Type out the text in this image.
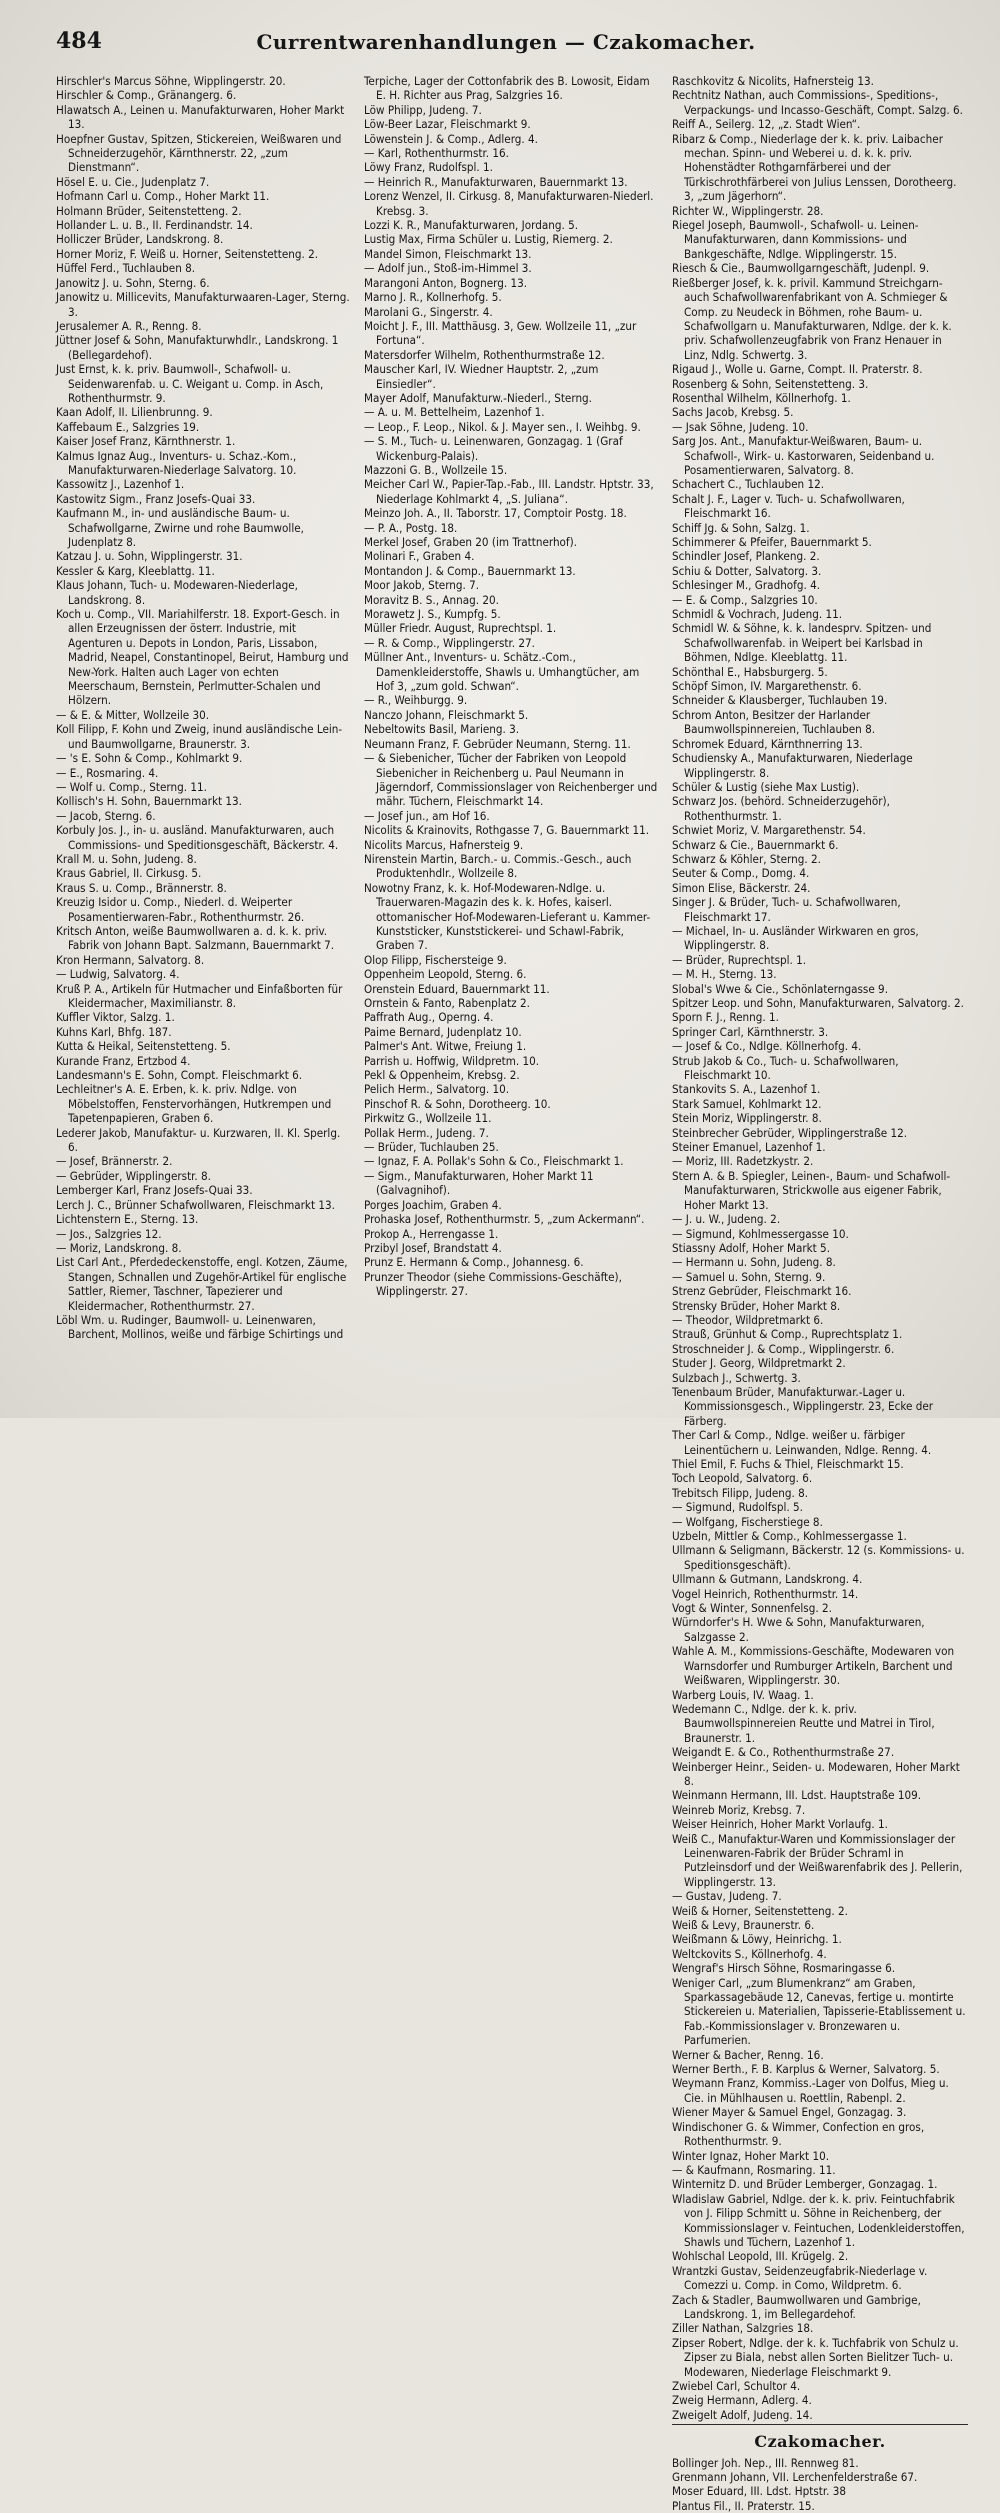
484	Currentwarenhandlungen — Czakomacher.

Hirschler's Marcus Söhne, Wipplingerstr. 20.

Hirschler & Comp., Gränangerg. 6.

Hlawatsch A., Leinen u. Manufakturwaren, Hoher Markt 13.

Hoepfner Gustav, Spitzen, Stickereien, Weißwaren und Schneiderzugehör, Kärnthnerstr. 22, „zum Dienstmann“.

Hösel E. u. Cie., Judenplatz 7.

Hofmann Carl u. Comp., Hoher Markt 11.

Holmann Brüder, Seitenstetteng. 2.

Hollander L. u. B., II. Ferdinandstr. 14.

Holliczer Brüder, Landskrong. 8.

Horner Moriz, F. Weiß u. Horner, Seitenstetteng. 2.

Hüffel Ferd., Tuchlauben 8.

Janowitz J. u. Sohn, Sterng. 6.

Janowitz u. Millicevits, Manufakturwaaren-Lager, Sterng. 3.

Jerusalemer A. R., Renng. 8.

Jüttner Josef & Sohn, Manufakturwhdlr., Landskrong. 1 (Bellegardehof).

Just Ernst, k. k. priv. Baumwoll-, Schafwoll- u. Seidenwarenfab. u. C. Weigant u. Comp. in Asch, Rothenthurmstr. 9.

Kaan Adolf, II. Lilienbrunng. 9.

Kaffebaum E., Salzgries 19.

Kaiser Josef Franz, Kärnthnerstr. 1.

Kalmus Ignaz Aug., Inventurs- u. Schaz.-Kom., Manufakturwaren-Niederlage Salvatorg. 10.

Kassowitz J., Lazenhof 1.

Kastowitz Sigm., Franz Josefs-Quai 33.

Kaufmann M., in- und ausländische Baum- u. Schafwollgarne, Zwirne und rohe Baumwolle, Judenplatz 8.

Katzau J. u. Sohn, Wipplingerstr. 31.

Kessler & Karg, Kleeblattg. 11.

Klaus Johann, Tuch- u. Modewaren-Niederlage, Landskrong. 8.

Koch u. Comp., VII. Mariahilferstr. 18. Export-Gesch. in allen Erzeugnissen der österr. Industrie, mit Agenturen u. Depots in London, Paris, Lissabon, Madrid, Neapel, Constantinopel, Beirut, Hamburg und New-York. Halten auch Lager von echten Meerschaum, Bernstein, Perlmutter-Schalen und Hölzern.

— & E. & Mitter, Wollzeile 30.

Koll Filipp, F. Kohn und Zweig, inund ausländische Lein- und Baumwollgarne, Braunerstr. 3.

— 's E. Sohn & Comp., Kohlmarkt 9.

— E., Rosmaring. 4.

— Wolf u. Comp., Sterng. 11.

Kollisch's H. Sohn, Bauernmarkt 13.

— Jacob, Sterng. 6.

Korbuly Jos. J., in- u. ausländ. Manufakturwaren, auch Commissions- und Speditionsgeschäft, Bäckerstr. 4.

Krall M. u. Sohn, Judeng. 8.

Kraus Gabriel, II. Cirkusg. 5.

Kraus S. u. Comp., Brännerstr. 8.

Kreuzig Isidor u. Comp., Niederl. d. Weiperter Posamentierwaren-Fabr., Rothenthurmstr. 26.

Kritsch Anton, weiße Baumwollwaren a. d. k. k. priv. Fabrik von Johann Bapt. Salzmann, Bauernmarkt 7.

Kron Hermann, Salvatorg. 8.

— Ludwig, Salvatorg. 4.

Kruß P. A., Artikeln für Hutmacher und Einfaßborten für Kleidermacher, Maximilianstr. 8.

Kuffler Viktor, Salzg. 1.

Kuhns Karl, Bhfg. 187.

Kutta & Heikal, Seitenstetteng. 5.

Kurande Franz, Ertzbod 4.

Landesmann's E. Sohn, Compt. Fleischmarkt 6.

Lechleitner's A. E. Erben, k. k. priv. Ndlge. von Möbelstoffen, Fenstervorhängen, Hutkrempen und Tapetenpapieren, Graben 6.

Lederer Jakob, Manufaktur- u. Kurzwaren, II. Kl. Sperlg. 6.

— Josef, Brännerstr. 2.

— Gebrüder, Wipplingerstr. 8.

Lemberger Karl, Franz Josefs-Quai 33.

Lerch J. C., Brünner Schafwollwaren, Fleischmarkt 13.

Lichtenstern E., Sterng. 13.

— Jos., Salzgries 12.

— Moriz, Landskrong. 8.

List Carl Ant., Pferdedeckenstoffe, engl. Kotzen, Zäume, Stangen, Schnallen und Zugehör-Artikel für englische Sattler, Riemer, Taschner, Tapezierer und Kleidermacher, Rothenthurmstr. 27.

Löbl Wm. u. Rudinger, Baumwoll- u. Leinenwaren, Barchent, Mollinos, weiße und färbige Schirtings und

Terpiche, Lager der Cottonfabrik des B. Lowosit, Eidam E. H. Richter aus Prag, Salzgries 16.

Löw Philipp, Judeng. 7.

Löw-Beer Lazar, Fleischmarkt 9.

Löwenstein J. & Comp., Adlerg. 4.

— Karl, Rothenthurmstr. 16.

Löwy Franz, Rudolfspl. 1.

— Heinrich R., Manufakturwaren, Bauernmarkt 13.

Lorenz Wenzel, II. Cirkusg. 8, Manufakturwaren-Niederl. Krebsg. 3.

Lozzi K. R., Manufakturwaren, Jordang. 5.

Lustig Max, Firma Schüler u. Lustig, Riemerg. 2.

Mandel Simon, Fleischmarkt 13.

— Adolf jun., Stoß-im-Himmel 3.

Marangoni Anton, Bognerg. 13.

Marno J. R., Kollnerhofg. 5.

Marolani G., Singerstr. 4.

Moicht J. F., III. Matthäusg. 3, Gew. Wollzeile 11, „zur Fortuna“.

Matersdorfer Wilhelm, Rothenthurmstraße 12.

Mauscher Karl, IV. Wiedner Hauptstr. 2, „zum Einsiedler“.

Mayer Adolf, Manufakturw.-Niederl., Sterng.

— A. u. M. Bettelheim, Lazenhof 1.

— Leop., F. Leop., Nikol. & J. Mayer sen., I. Weihbg. 9.

— S. M., Tuch- u. Leinenwaren, Gonzagag. 1 (Graf Wickenburg-Palais).

Mazzoni G. B., Wollzeile 15.

Meicher Carl W., Papier-Tap.-Fab., III. Landstr. Hptstr. 33, Niederlage Kohlmarkt 4, „S. Juliana“.

Meinzo Joh. A., II. Taborstr. 17, Comptoir Postg. 18.

— P. A., Postg. 18.

Merkel Josef, Graben 20 (im Trattnerhof).

Molinari F., Graben 4.

Montandon J. & Comp., Bauernmarkt 13.

Moor Jakob, Sterng. 7.

Moravitz B. S., Annag. 20.

Morawetz J. S., Kumpfg. 5.

Müller Friedr. August, Ruprechtspl. 1.

— R. & Comp., Wipplingerstr. 27.

Müllner Ant., Inventurs- u. Schätz.-Com., Damenkleiderstoffe, Shawls u. Umhangtücher, am Hof 3, „zum gold. Schwan“.

— R., Weihburgg. 9.

Nanczo Johann, Fleischmarkt 5.

Nebeltowits Basil, Marieng. 3.

Neumann Franz, F. Gebrüder Neumann, Sterng. 11.

— & Siebenicher, Tücher der Fabriken von Leopold Siebenicher in Reichenberg u. Paul Neumann in Jägerndorf, Commissionslager von Reichenberger und mähr. Tüchern, Fleischmarkt 14.

— Josef jun., am Hof 16.

Nicolits & Krainovits, Rothgasse 7, G. Bauernmarkt 11.

Nicolits Marcus, Hafnersteig 9.

Nirenstein Martin, Barch.- u. Commis.-Gesch., auch Produktenhdlr., Wollzeile 8.

Nowotny Franz, k. k. Hof-Modewaren-Ndlge. u. Trauerwaren-Magazin des k. k. Hofes, kaiserl. ottomanischer Hof-Modewaren-Lieferant u. Kammer-Kunststicker, Kunststickerei- und Schawl-Fabrik, Graben 7.

Olop Filipp, Fischersteige 9.

Oppenheim Leopold, Sterng. 6.

Orenstein Eduard, Bauernmarkt 11.

Ornstein & Fanto, Rabenplatz 2.

Paffrath Aug., Operng. 4.

Paime Bernard, Judenplatz 10.

Palmer's Ant. Witwe, Freiung 1.

Parrish u. Hoffwig, Wildpretm. 10.

Pekl & Oppenheim, Krebsg. 2.

Pelich Herm., Salvatorg. 10.

Pinschof R. & Sohn, Dorotheerg. 10.

Pirkwitz G., Wollzeile 11.

Pollak Herm., Judeng. 7.

— Brüder, Tuchlauben 25.

— Ignaz, F. A. Pollak's Sohn & Co., Fleischmarkt 1.

— Sigm., Manufakturwaren, Hoher Markt 11 (Galvagnihof).

Porges Joachim, Graben 4.

Prohaska Josef, Rothenthurmstr. 5, „zum Ackermann“.

Prokop A., Herrengasse 1.

Przibyl Josef, Brandstatt 4.

Prunz E. Hermann & Comp., Johannesg. 6.

Prunzer Theodor (siehe Commissions-Geschäfte), Wipplingerstr. 27.

Raschkovitz & Nicolits, Hafnersteig 13.

Rechtnitz Nathan, auch Commissions-, Speditions-, Verpackungs- und Incasso-Geschäft, Compt. Salzg. 6.

Reiff A., Seilerg. 12, „z. Stadt Wien“.

Ribarz & Comp., Niederlage der k. k. priv. Laibacher mechan. Spinn- und Weberei u. d. k. k. priv. Hohenstädter Rothgarnfärberei und der Türkischrothfärberei von Julius Lenssen, Dorotheerg. 3, „zum Jägerhorn“.

Richter W., Wipplingerstr. 28.

Riegel Joseph, Baumwoll-, Schafwoll- u. Leinen-Manufakturwaren, dann Kommissions- und Bankgeschäfte, Ndlge. Wipplingerstr. 15.

Riesch & Cie., Baumwollgarngeschäft, Judenpl. 9.

Rießberger Josef, k. k. privil. Kammund Streichgarn- auch Schafwollwarenfabrikant von A. Schmieger & Comp. zu Neudeck in Böhmen, rohe Baum- u. Schafwollgarn u. Manufakturwaren, Ndlge. der k. k. priv. Schafwollenzeugfabrik von Franz Henauer in Linz, Ndlg. Schwertg. 3.

Rigaud J., Wolle u. Garne, Compt. II. Praterstr. 8.

Rosenberg & Sohn, Seitenstetteng. 3.

Rosenthal Wilhelm, Köllnerhofg. 1.

Sachs Jacob, Krebsg. 5.

— Jsak Söhne, Judeng. 10.

Sarg Jos. Ant., Manufaktur-Weißwaren, Baum- u. Schafwoll-, Wirk- u. Kastorwaren, Seidenband u. Posamentierwaren, Salvatorg. 8.

Schachert C., Tuchlauben 12.

Schalt J. F., Lager v. Tuch- u. Schafwollwaren, Fleischmarkt 16.

Schiff Jg. & Sohn, Salzg. 1.

Schimmerer & Pfeifer, Bauernmarkt 5.

Schindler Josef, Plankeng. 2.

Schiu & Dotter, Salvatorg. 3.

Schlesinger M., Gradhofg. 4.

— E. & Comp., Salzgries 10.

Schmidl & Vochrach, Judeng. 11.

Schmidl W. & Söhne, k. k. landesprv. Spitzen- und Schafwollwarenfab. in Weipert bei Karlsbad in Böhmen, Ndlge. Kleeblattg. 11.

Schönthal E., Habsburgerg. 5.

Schöpf Simon, IV. Margarethenstr. 6.

Schneider & Klausberger, Tuchlauben 19.

Schrom Anton, Besitzer der Harlander Baumwollspinnereien, Tuchlauben 8.

Schromek Eduard, Kärnthnerring 13.

Schudiensky A., Manufakturwaren, Niederlage Wipplingerstr. 8.

Schüler & Lustig (siehe Max Lustig).

Schwarz Jos. (behörd. Schneiderzugehör), Rothenthurmstr. 1.

Schwiet Moriz, V. Margarethenstr. 54.

Schwarz & Cie., Bauernmarkt 6.

Schwarz & Köhler, Sterng. 2.

Seuter & Comp., Domg. 4.

Simon Elise, Bäckerstr. 24.

Singer J. & Brüder, Tuch- u. Schafwollwaren, Fleischmarkt 17.

— Michael, In- u. Ausländer Wirkwaren en gros, Wipplingerstr. 8.

— Brüder, Ruprechtspl. 1.

— M. H., Sterng. 13.

Slobal's Wwe & Cie., Schönlaterngasse 9.

Spitzer Leop. und Sohn, Manufakturwaren, Salvatorg. 2.

Sporn F. J., Renng. 1.

Springer Carl, Kärnthnerstr. 3.

— Josef & Co., Ndlge. Köllnerhofg. 4.

Strub Jakob & Co., Tuch- u. Schafwollwaren, Fleischmarkt 10.

Stankovits S. A., Lazenhof 1.

Stark Samuel, Kohlmarkt 12.

Stein Moriz, Wipplingerstr. 8.

Steinbrecher Gebrüder, Wipplingerstraße 12.

Steiner Emanuel, Lazenhof 1.

— Moriz, III. Radetzkystr. 2.

Stern A. & B. Spiegler, Leinen-, Baum- und Schafwoll-Manufakturwaren, Strickwolle aus eigener Fabrik, Hoher Markt 13.

— J. u. W., Judeng. 2.

— Sigmund, Kohlmessergasse 10.

Stiassny Adolf, Hoher Markt 5.

— Hermann u. Sohn, Judeng. 8.

— Samuel u. Sohn, Sterng. 9.

Strenz Gebrüder, Fleischmarkt 16.

Strensky Brüder, Hoher Markt 8.

— Theodor, Wildpretmarkt 6.

Strauß, Grünhut & Comp., Ruprechtsplatz 1.

Stroschneider J. & Comp., Wipplingerstr. 6.

Studer J. Georg, Wildpretmarkt 2.

Sulzbach J., Schwertg. 3.

Tenenbaum Brüder, Manufakturwar.-Lager u. Kommissionsgesch., Wipplingerstr. 23, Ecke der Färberg.

Ther Carl & Comp., Ndlge. weißer u. färbiger Leinentüchern u. Leinwanden, Ndlge. Renng. 4.

Thiel Emil, F. Fuchs & Thiel, Fleischmarkt 15.

Toch Leopold, Salvatorg. 6.

Trebitsch Filipp, Judeng. 8.

— Sigmund, Rudolfspl. 5.

— Wolfgang, Fischerstiege 8.

Uzbeln, Mittler & Comp., Kohlmessergasse 1.

Ullmann & Seligmann, Bäckerstr. 12 (s. Kommissions- u. Speditionsgeschäft).

Ullmann & Gutmann, Landskrong. 4.

Vogel Heinrich, Rothenthurmstr. 14.

Vogt & Winter, Sonnenfelsg. 2.

Würndorfer's H. Wwe & Sohn, Manufakturwaren, Salzgasse 2.

Wahle A. M., Kommissions-Geschäfte, Modewaren von Warnsdorfer und Rumburger Artikeln, Barchent und Weißwaren, Wipplingerstr. 30.

Warberg Louis, IV. Waag. 1.

Wedemann C., Ndlge. der k. k. priv. Baumwollspinnereien Reutte und Matrei in Tirol, Braunerstr. 1.

Weigandt E. & Co., Rothenthurmstraße 27.

Weinberger Heinr., Seiden- u. Modewaren, Hoher Markt 8.

Weinmann Hermann, III. Ldst. Hauptstraße 109.

Weinreb Moriz, Krebsg. 7.

Weiser Heinrich, Hoher Markt Vorlaufg. 1.

Weiß C., Manufaktur-Waren und Kommissionslager der Leinenwaren-Fabrik der Brüder Schraml in Putzleinsdorf und der Weißwarenfabrik des J. Pellerin, Wipplingerstr. 13.

— Gustav, Judeng. 7.

Weiß & Horner, Seitenstetteng. 2.

Weiß & Levy, Braunerstr. 6.

Weißmann & Löwy, Heinrichg. 1.

Weltckovits S., Köllnerhofg. 4.

Wengraf's Hirsch Söhne, Rosmaringasse 6.

Weniger Carl, „zum Blumenkranz“ am Graben, Sparkassagebäude 12, Canevas, fertige u. montirte Stickereien u. Materialien, Tapisserie-Etablissement u. Fab.-Kommissionslager v. Bronzewaren u. Parfumerien.

Werner & Bacher, Renng. 16.

Werner Berth., F. B. Karplus & Werner, Salvatorg. 5.

Weymann Franz, Kommiss.-Lager von Dolfus, Mieg u. Cie. in Mühlhausen u. Roettlin, Rabenpl. 2.

Wiener Mayer & Samuel Engel, Gonzagag. 3.

Windischoner G. & Wimmer, Confection en gros, Rothenthurmstr. 9.

Winter Ignaz, Hoher Markt 10.

— & Kaufmann, Rosmaring. 11.

Winternitz D. und Brüder Lemberger, Gonzagag. 1.

Wladislaw Gabriel, Ndlge. der k. k. priv. Feintuchfabrik von J. Filipp Schmitt u. Söhne in Reichenberg, der Kommissionslager v. Feintuchen, Lodenkleiderstoffen, Shawls und Tüchern, Lazenhof 1.

Wohlschal Leopold, III. Krügelg. 2.

Wrantzki Gustav, Seidenzeugfabrik-Niederlage v. Comezzi u. Comp. in Como, Wildpretm. 6.

Zach & Stadler, Baumwollwaren und Gambrige, Landskrong. 1, im Bellegardehof.

Ziller Nathan, Salzgries 18.

Zipser Robert, Ndlge. der k. k. Tuchfabrik von Schulz u. Zipser zu Biala, nebst allen Sorten Bielitzer Tuch- u. Modewaren, Niederlage Fleischmarkt 9.

Zwiebel Carl, Schultor 4.

Zweig Hermann, Adlerg. 4.

Zweigelt Adolf, Judeng. 14.

Czakomacher.

Bollinger Joh. Nep., III. Rennweg 81.

Grenmann Johann, VII. Lerchenfelderstraße 67.

Moser Eduard, III. Ldst. Hptstr. 38

Plantus Fil., II. Praterstr. 15.
